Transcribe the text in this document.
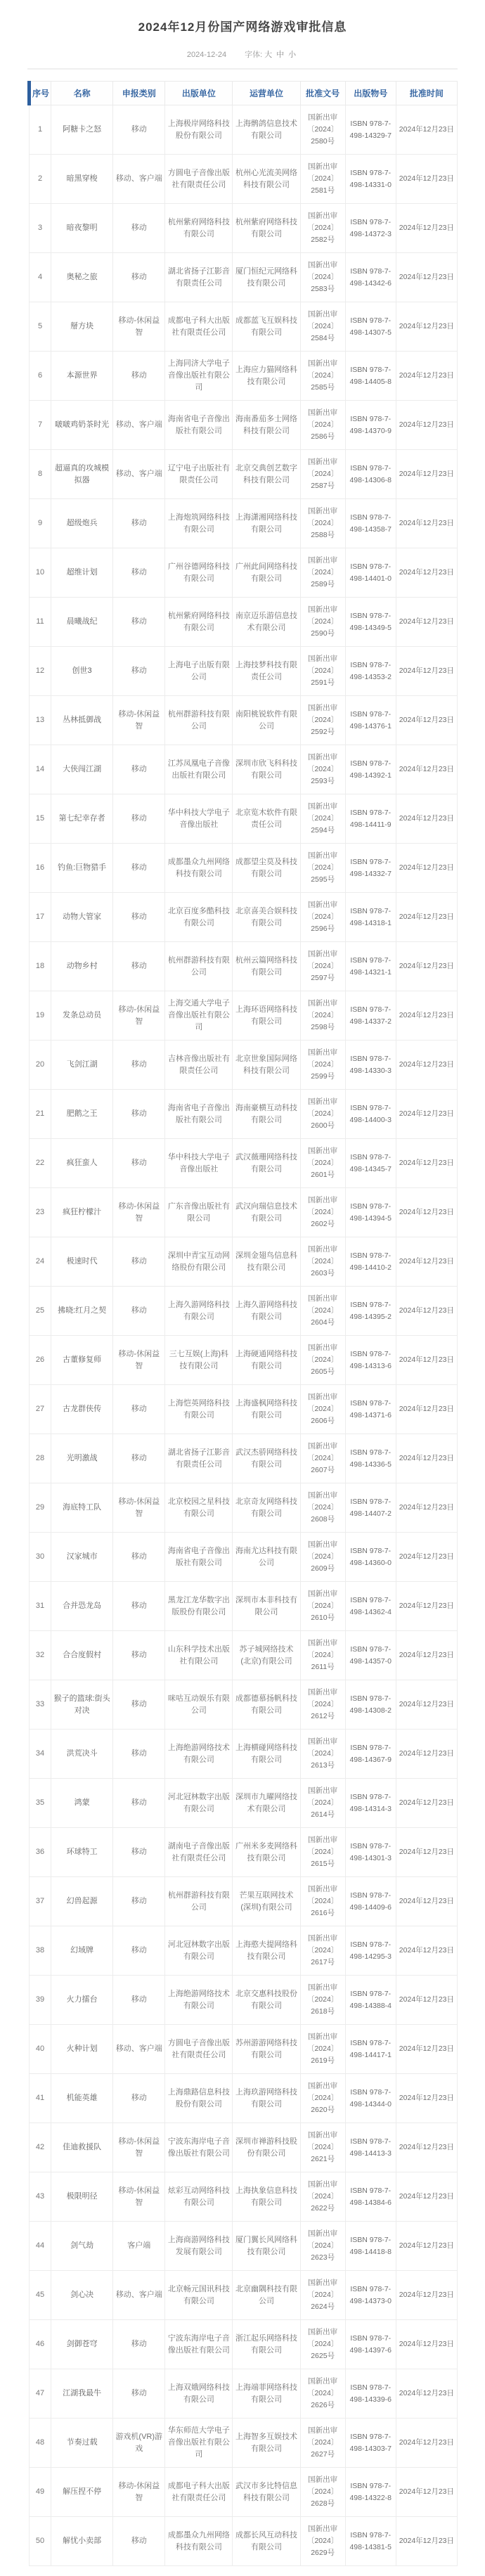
2024年12月份国产网络游戏审批信息
2024-12-24 字体: 大 中 小
序号	名称	申报类别	出版单位	运营单位	批准文号	出版物号	批准时间
1	阿糖卡之怒	移动	上海极岸网络科技股份有限公司	上海鹘鸽信息技术有限公司	国新出审〔2024〕2580号	ISBN 978-7-498-14329-7	2024年12月23日
2	暗黑穿梭	移动、客户端	方圆电子音像出版社有限责任公司	杭州心光流美网络科技有限公司	国新出审〔2024〕2581号	ISBN 978-7-498-14331-0	2024年12月23日
3	暗夜黎明	移动	杭州紫府网络科技有限公司	杭州紫府网络科技有限公司	国新出审〔2024〕2582号	ISBN 978-7-498-14372-3	2024年12月23日
4	奥秘之旅	移动	湖北省扬子江影音有限责任公司	厦门恒纪元网络科技有限公司	国新出审〔2024〕2583号	ISBN 978-7-498-14342-6	2024年12月23日
5	掰方块	移动-休闲益智	成都电子科大出版社有限责任公司	成都蓝飞互娱科技有限公司	国新出审〔2024〕2584号	ISBN 978-7-498-14307-5	2024年12月23日
6	本源世界	移动	上海同济大学电子音像出版社有限公司	上海应力猫网络科技有限公司	国新出审〔2024〕2585号	ISBN 978-7-498-14405-8	2024年12月23日
7	啵啵鸡奶茶时光	移动、客户端	海南省电子音像出版社有限公司	海南番茄多士网络科技有限公司	国新出审〔2024〕2586号	ISBN 978-7-498-14370-9	2024年12月23日
8	超逼真的攻城模拟器	移动、客户端	辽宁电子出版社有限责任公司	北京交典创艺数字科技有限公司	国新出审〔2024〕2587号	ISBN 978-7-498-14306-8	2024年12月23日
9	超级炮兵	移动	上海炮筑网络科技有限公司	上海潇湘网络科技有限公司	国新出审〔2024〕2588号	ISBN 978-7-498-14358-7	2024年12月23日
10	超维计划	移动	广州谷德网络科技有限公司	广州此间网络科技有限公司	国新出审〔2024〕2589号	ISBN 978-7-498-14401-0	2024年12月23日
11	晨曦战纪	移动	杭州紫府网络科技有限公司	南京迈乐游信息技术有限公司	国新出审〔2024〕2590号	ISBN 978-7-498-14349-5	2024年12月23日
12	创世3	移动	上海电子出版有限公司	上海技梦科技有限责任公司	国新出审〔2024〕2591号	ISBN 978-7-498-14353-2	2024年12月23日
13	丛林抵御战	移动-休闲益智	杭州群游科技有限公司	南阳桃锐软件有限公司	国新出审〔2024〕2592号	ISBN 978-7-498-14376-1	2024年12月23日
14	大侠闯江湖	移动	江苏凤凰电子音像出版社有限公司	深圳市欣飞科科技有限公司	国新出审〔2024〕2593号	ISBN 978-7-498-14392-1	2024年12月23日
15	第七纪幸存者	移动	华中科技大学电子音像出版社	北京览木软件有限责任公司	国新出审〔2024〕2594号	ISBN 978-7-498-14411-9	2024年12月23日
16	钓鱼:巨物猎手	移动	成都墨众九州网络科技有限公司	成都望尘莫及科技有限公司	国新出审〔2024〕2595号	ISBN 978-7-498-14332-7	2024年12月23日
17	动物大管家	移动	北京百度多酷科技有限公司	北京喜美合娱科技有限公司	国新出审〔2024〕2596号	ISBN 978-7-498-14318-1	2024年12月23日
18	动物乡村	移动	杭州群游科技有限公司	杭州云篇网络科技有限公司	国新出审〔2024〕2597号	ISBN 978-7-498-14321-1	2024年12月23日
19	发条总动员	移动-休闲益智	上海交通大学电子音像出版社有限公司	上海环语网络科技有限公司	国新出审〔2024〕2598号	ISBN 978-7-498-14337-2	2024年12月23日
20	飞剑江湖	移动	吉林音像出版社有限责任公司	北京世象国际网络科技有限公司	国新出审〔2024〕2599号	ISBN 978-7-498-14330-3	2024年12月23日
21	肥鹅之王	移动	海南省电子音像出版社有限公司	海南豪横互动科技有限公司	国新出审〔2024〕2600号	ISBN 978-7-498-14400-3	2024年12月23日
22	疯狂蛮人	移动	华中科技大学电子音像出版社	武汉薇珊网络科技有限公司	国新出审〔2024〕2601号	ISBN 978-7-498-14345-7	2024年12月23日
23	疯狂柠檬汁	移动-休闲益智	广东音像出版社有限公司	武汉向瑞信息技术有限公司	国新出审〔2024〕2602号	ISBN 978-7-498-14394-5	2024年12月23日
24	极速时代	移动	深圳中青宝互动网络股份有限公司	深圳金翅鸟信息科技有限公司	国新出审〔2024〕2603号	ISBN 978-7-498-14410-2	2024年12月23日
25	拂晓:红月之契	移动	上海久游网络科技有限公司	上海久游网络科技有限公司	国新出审〔2024〕2604号	ISBN 978-7-498-14395-2	2024年12月23日
26	古董修复师	移动-休闲益智	三七互娱(上海)科技有限公司	上海硬通网络科技有限公司	国新出审〔2024〕2605号	ISBN 978-7-498-14313-6	2024年12月23日
27	古龙群侠传	移动	上海恺英网络科技有限公司	上海盛枫网络科技有限公司	国新出审〔2024〕2606号	ISBN 978-7-498-14371-6	2024年12月23日
28	光明激战	移动	湖北省扬子江影音有限责任公司	武汉杰骄网络科技有限公司	国新出审〔2024〕2607号	ISBN 978-7-498-14336-5	2024年12月23日
29	海底特工队	移动-休闲益智	北京校园之星科技有限公司	北京奇友网络科技有限公司	国新出审〔2024〕2608号	ISBN 978-7-498-14407-2	2024年12月23日
30	汉家城市	移动	海南省电子音像出版社有限公司	海南尤达科技有限公司	国新出审〔2024〕2609号	ISBN 978-7-498-14360-0	2024年12月23日
31	合并恐龙岛	移动	黑龙江龙华数字出版股份有限公司	深圳市本非科技有限公司	国新出审〔2024〕2610号	ISBN 978-7-498-14362-4	2024年12月23日
32	合合度假村	移动	山东科学技术出版社有限公司	苏子城网络技术(北京)有限公司	国新出审〔2024〕2611号	ISBN 978-7-498-14357-0	2024年12月23日
33	猴子的篮球:街头对决	移动	咪咕互动娱乐有限公司	成都德慕扬帆科技有限公司	国新出审〔2024〕2612号	ISBN 978-7-498-14308-2	2024年12月23日
34	洪荒决斗	移动	上海绝游网络技术有限公司	上海横碰网络科技有限公司	国新出审〔2024〕2613号	ISBN 978-7-498-14367-9	2024年12月23日
35	鸿蒙	移动	河北冠林数字出版有限公司	深圳市九曜网络技术有限公司	国新出审〔2024〕2614号	ISBN 978-7-498-14314-3	2024年12月23日
36	环球特工	移动	湖南电子音像出版社有限责任公司	广州米多麦网络科技有限公司	国新出审〔2024〕2615号	ISBN 978-7-498-14301-3	2024年12月23日
37	幻兽起源	移动	杭州群游科技有限公司	芒果互联网技术(深圳)有限公司	国新出审〔2024〕2616号	ISBN 978-7-498-14409-6	2024年12月23日
38	幻域牌	移动	河北冠林数字出版有限公司	上海憨夫提网络科技有限公司	国新出审〔2024〕2617号	ISBN 978-7-498-14295-3	2024年12月23日
39	火力擂台	移动	上海绝游网络技术有限公司	北京交惠科技股份有限公司	国新出审〔2024〕2618号	ISBN 978-7-498-14388-4	2024年12月23日
40	火种计划	移动、客户端	方圆电子音像出版社有限责任公司	苏州游游网络科技有限公司	国新出审〔2024〕2619号	ISBN 978-7-498-14417-1	2024年12月23日
41	机能英雄	移动	上海鼎路信息科技股份有限公司	上海玖游网络科技有限公司	国新出审〔2024〕2620号	ISBN 978-7-498-14344-0	2024年12月23日
42	佳迪救援队	移动-休闲益智	宁波东海岸电子音像出版社有限公司	深圳市禅游科技股份有限公司	国新出审〔2024〕2621号	ISBN 978-7-498-14413-3	2024年12月23日
43	极限明径	移动-休闲益智	炫彩互动网络科技有限公司	上海执象信息科技有限公司	国新出审〔2024〕2622号	ISBN 978-7-498-14384-6	2024年12月23日
44	剑气劫	客户端	上海商游网络科技发展有限公司	厦门翼长风网络科技有限公司	国新出审〔2024〕2623号	ISBN 978-7-498-14418-8	2024年12月23日
45	剑心决	移动、客户端	北京畅元国讯科技有限公司	北京幽隅科技有限公司	国新出审〔2024〕2624号	ISBN 978-7-498-14373-0	2024年12月23日
46	剑御苍穹	移动	宁波东海岸电子音像出版社有限公司	浙江起乐网络科技有限公司	国新出审〔2024〕2625号	ISBN 978-7-498-14397-6	2024年12月23日
47	江湖我最牛	移动	上海双娥网络科技有限公司	上海端菲网络科技有限公司	国新出审〔2024〕2626号	ISBN 978-7-498-14339-6	2024年12月23日
48	节奏过载	游戏机(VR)游戏	华东师范大学电子音像出版社有限公司	上海智多互娱技术有限公司	国新出审〔2024〕2627号	ISBN 978-7-498-14303-7	2024年12月23日
49	解压捏不停	移动-休闲益智	成都电子科大出版社有限责任公司	武汉市多比特信息科技有限公司	国新出审〔2024〕2628号	ISBN 978-7-498-14322-8	2024年12月23日
50	解忧小卖部	移动	成都墨众九州网络科技有限公司	成都长风互动科技有限公司	国新出审〔2024〕2629号	ISBN 978-7-498-14381-5	2024年12月23日
